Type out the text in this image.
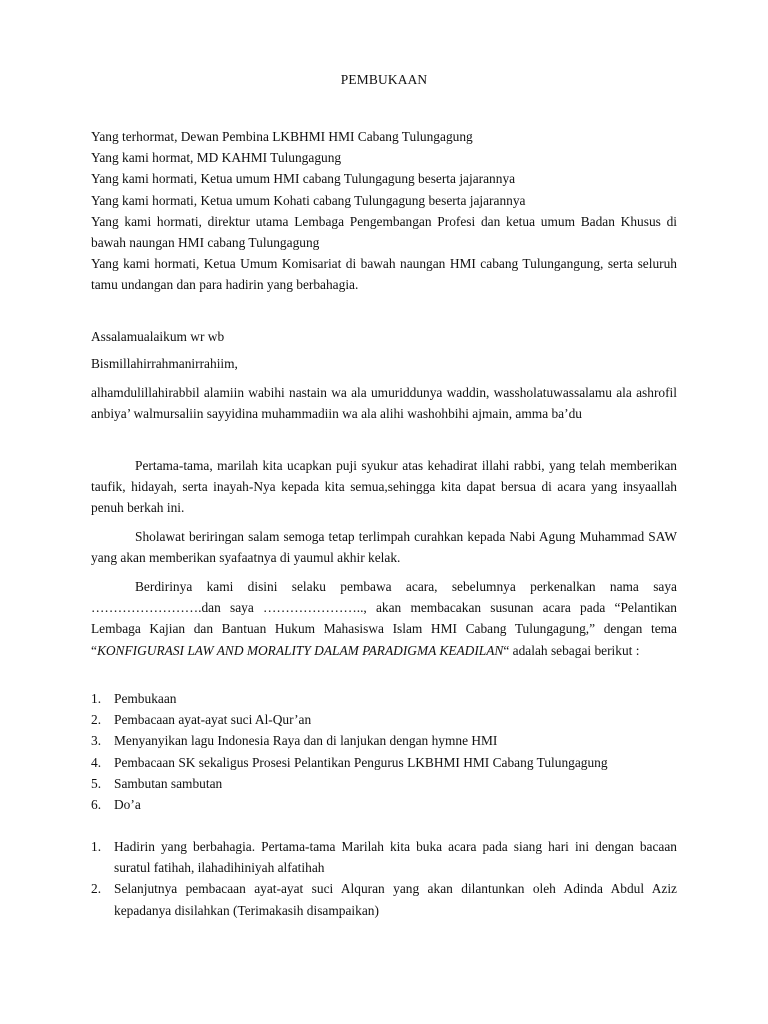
PEMBUKAAN
Yang terhormat, Dewan Pembina LKBHMI HMI Cabang Tulungagung
Yang kami hormat, MD KAHMI Tulungagung
Yang kami hormati, Ketua umum HMI cabang Tulungagung beserta jajarannya
Yang kami hormati, Ketua umum Kohati cabang Tulungagung beserta jajarannya
Yang kami hormati, direktur utama Lembaga Pengembangan Profesi dan ketua umum Badan Khusus di bawah naungan HMI cabang Tulungagung
Yang kami hormati, Ketua Umum Komisariat di bawah naungan HMI cabang Tulungangung, serta seluruh tamu undangan dan para hadirin yang berbahagia.
Assalamualaikum wr wb
Bismillahirrahmanirrahiim,
alhamdulillahirabbil alamiin wabihi nastain wa ala umuriddunya waddin, wassholatuwassalamu ala ashrofil anbiya’ walmursaliin sayyidina muhammadiin wa ala alihi washohbihi ajmain, amma ba’du
Pertama-tama, marilah kita ucapkan puji syukur atas kehadirat illahi rabbi, yang telah memberikan taufik, hidayah, serta inayah-Nya kepada kita semua,sehingga kita dapat bersua di acara yang insyaallah penuh berkah ini.
Sholawat beriringan salam semoga tetap terlimpah curahkan kepada Nabi Agung Muhammad SAW yang akan memberikan syafaatnya di yaumul akhir kelak.
Berdirinya kami disini selaku pembawa acara, sebelumnya perkenalkan nama saya …………………….dan saya ………………….., akan membacakan susunan acara pada “Pelantikan Lembaga Kajian dan Bantuan Hukum Mahasiswa Islam HMI Cabang Tulungagung,” dengan tema “KONFIGURASI LAW AND MORALITY DALAM PARADIGMA KEADILAN“ adalah sebagai berikut :
1. Pembukaan
2. Pembacaan ayat-ayat suci Al-Qur’an
3. Menyanyikan lagu Indonesia Raya dan di lanjukan dengan hymne HMI
4. Pembacaan SK sekaligus Prosesi Pelantikan Pengurus LKBHMI HMI Cabang Tulungagung
5. Sambutan sambutan
6. Do’a
1. Hadirin yang berbahagia. Pertama-tama Marilah kita buka acara pada siang hari ini dengan bacaan suratul fatihah, ilahadihiniyah alfatihah
2. Selanjutnya pembacaan ayat-ayat suci Alquran yang akan dilantunkan oleh Adinda Abdul Aziz kepadanya disilahkan (Terimakasih disampaikan)
